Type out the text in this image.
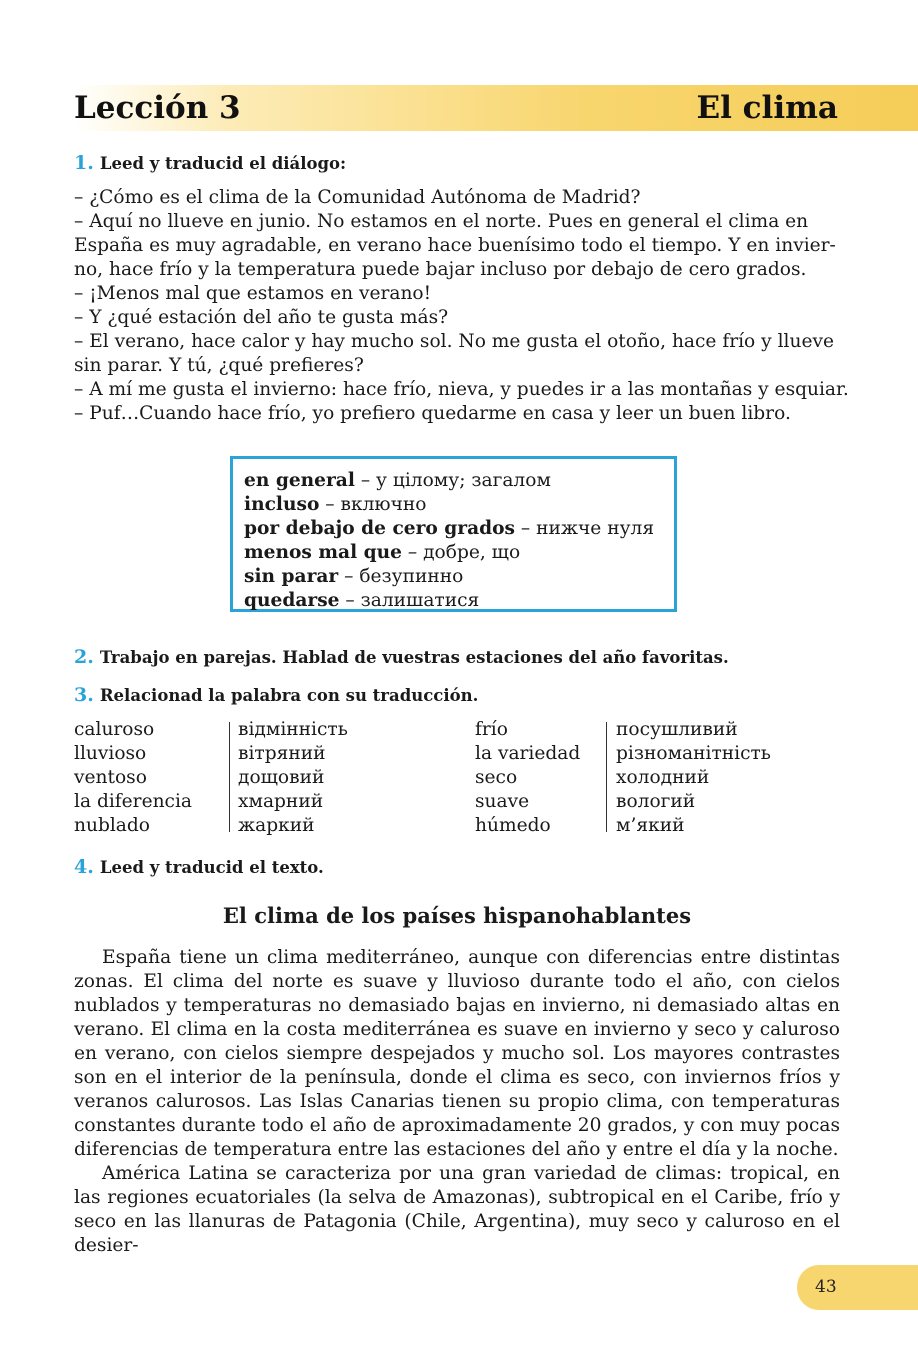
Lección 3	El clima
1. Leed y traducid el diálogo:
– ¿Cómo es el clima de la Comunidad Autónoma de Madrid?
– Aquí no llueve en junio. No estamos en el norte. Pues en general el clima en
España es muy agradable, en verano hace buenísimo todo el tiempo. Y en invier-
no, hace frío y la temperatura puede bajar incluso por debajo de cero grados.
– ¡Menos mal que estamos en verano!
– Y ¿qué estación del año te gusta más?
– El verano, hace calor y hay mucho sol. No me gusta el otoño, hace frío y llueve
sin parar. Y tú, ¿qué prefieres?
– A mí me gusta el invierno: hace frío, nieva, y puedes ir a las montañas y esquiar.
– Puf…Cuando hace frío, yo prefiero quedarme en casa y leer un buen libro.
en general – у цілому; загалом
incluso – включно
por debajo de cero grados – нижче нуля
menos mal que – добре, що
sin parar – безупинно
quedarse – залишатися
2. Trabajo en parejas. Hablad de vuestras estaciones del año favoritas.
3. Relacionad la palabra con su traducción.
caluroso
lluvioso
ventoso
la diferencia
nublado
відмінність
вітряний
дощовий
хмарний
жаркий
frío
la variedad
seco
suave
húmedo
посушливий
різноманітність
холодний
вологий
м’який
4. Leed y traducid el texto.
El clima de los países hispanohablantes
España tiene un clima mediterráneo, aunque con diferencias entre distintas zonas. El clima del norte es suave y lluvioso durante todo el año, con cielos nublados y temperaturas no demasiado bajas en invierno, ni demasiado altas en verano. El clima en la costa mediterránea es suave en invierno y seco y caluroso en verano, con cielos siempre despejados y mucho sol. Los mayores contrastes son en el interior de la península, donde el clima es seco, con inviernos fríos y veranos calurosos. Las Islas Canarias tienen su propio clima, con temperaturas constantes durante todo el año de aproximadamente 20 grados, y con muy pocas diferencias de temperatura entre las estaciones del año y entre el día y la noche.
América Latina se caracteriza por una gran variedad de climas: tropical, en las regiones ecuatoriales (la selva de Amazonas), subtropical en el Caribe, frío y seco en las llanuras de Patagonia (Chile, Argentina), muy seco y caluroso en el desier-
43
